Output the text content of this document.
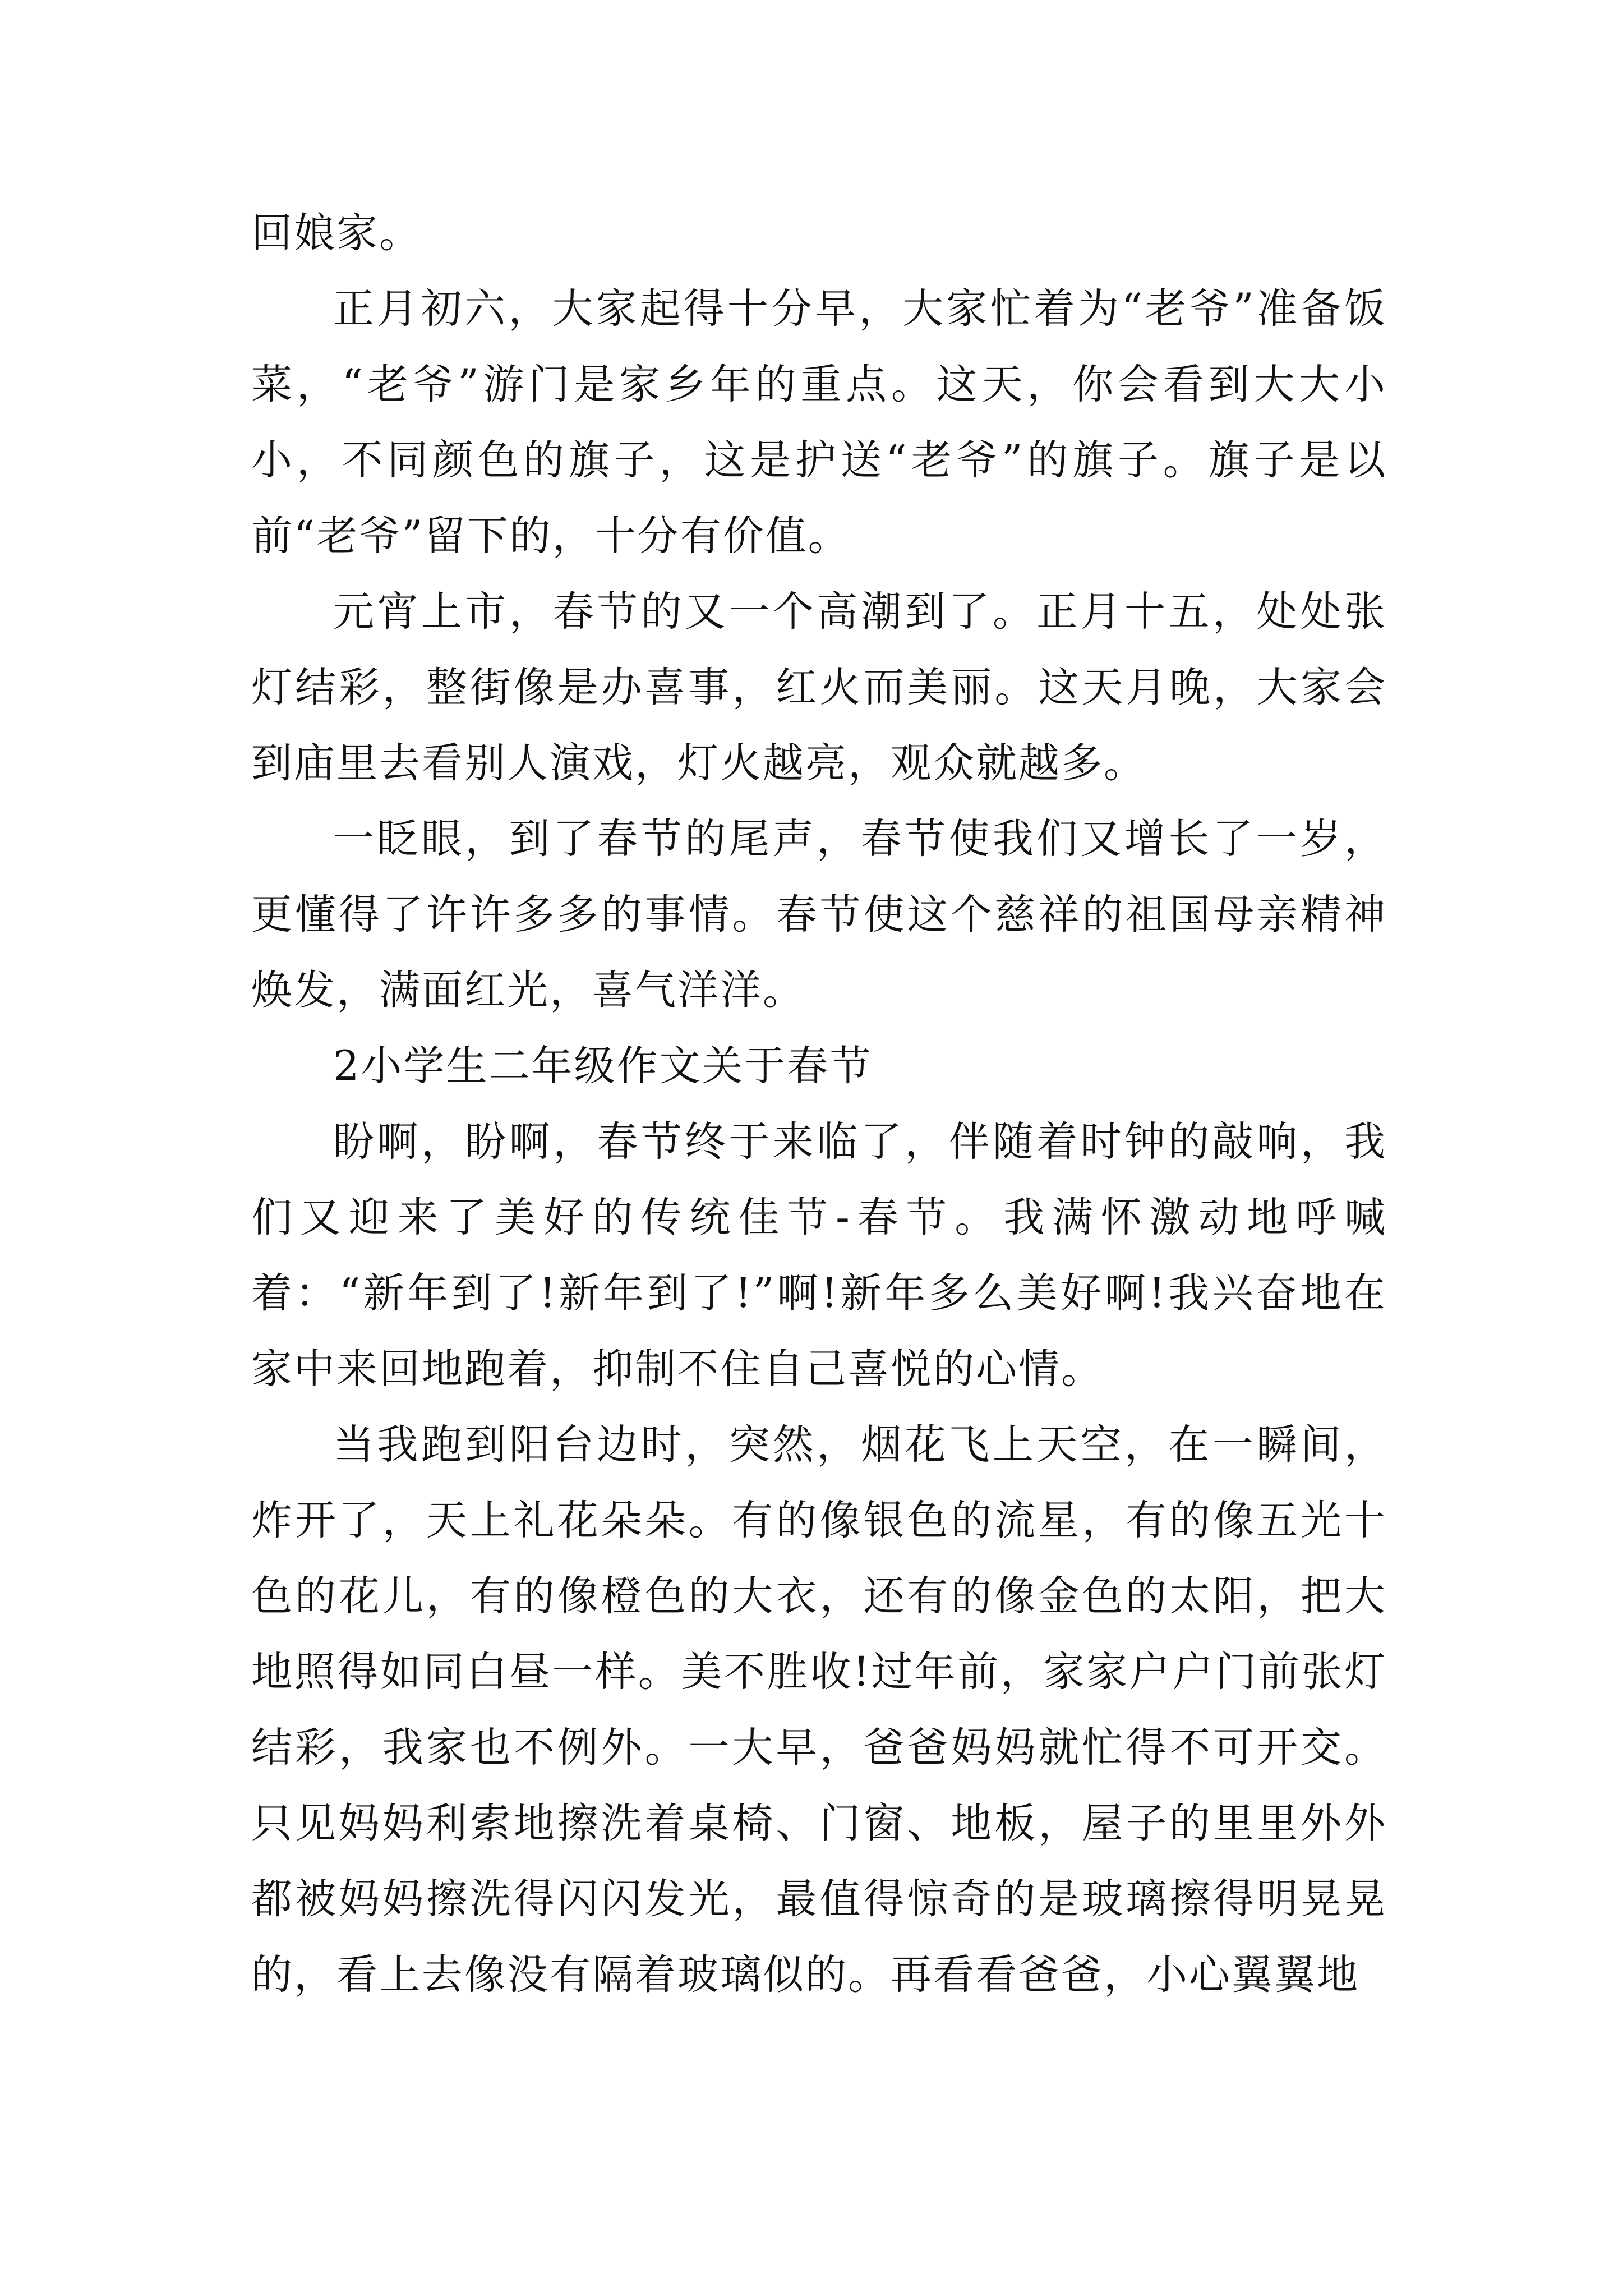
回娘家。

正月初六，大家起得十分早，大家忙着为“老爷”准备饭菜，“老爷”游门是家乡年的重点。这天，你会看到大大小小，不同颜色的旗子，这是护送“老爷”的旗子。旗子是以前“老爷”留下的，十分有价值。

元宵上市，春节的又一个高潮到了。正月十五，处处张灯结彩，整街像是办喜事，红火而美丽。这天月晚，大家会到庙里去看别人演戏，灯火越亮，观众就越多。

一眨眼，到了春节的尾声，春节使我们又增长了一岁，更懂得了许许多多的事情。春节使这个慈祥的祖国母亲精神焕发，满面红光，喜气洋洋。

2小学生二年级作文关于春节

盼啊，盼啊，春节终于来临了，伴随着时钟的敲响，我们又迎来了美好的传统佳节-春节。我满怀激动地呼喊着：“新年到了!新年到了!”啊!新年多么美好啊!我兴奋地在家中来回地跑着，抑制不住自己喜悦的心情。

当我跑到阳台边时，突然，烟花飞上天空，在一瞬间，炸开了，天上礼花朵朵。有的像银色的流星，有的像五光十色的花儿，有的像橙色的大衣，还有的像金色的太阳，把大地照得如同白昼一样。美不胜收!过年前，家家户户门前张灯结彩，我家也不例外。一大早，爸爸妈妈就忙得不可开交。只见妈妈利索地擦洗着桌椅、门窗、地板，屋子的里里外外都被妈妈擦洗得闪闪发光，最值得惊奇的是玻璃擦得明晃晃的，看上去像没有隔着玻璃似的。再看看爸爸，小心翼翼地
